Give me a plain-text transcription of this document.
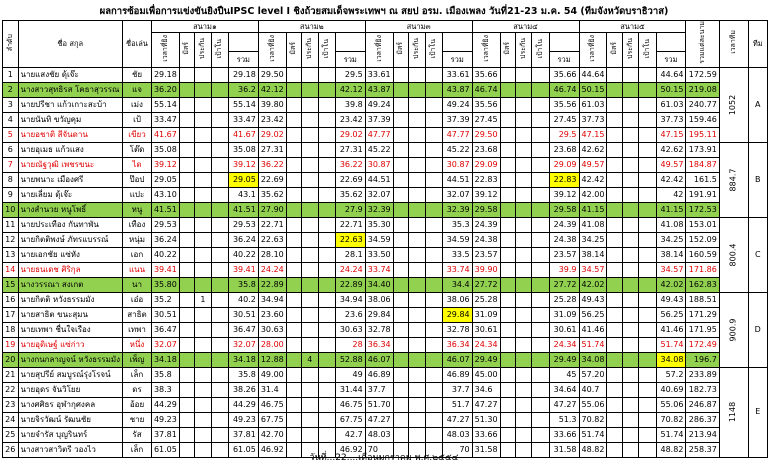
ผลการซ้อมเพื่อการแข่งขันยิงปืนIPSC level I ชิงถ้วยสมเด็จพระเทพฯ ณ สยป อรม. เมืองเพลง วันที่21-23 ม.ค. 54 (ทีมจังหวัดบราธิวาส)
ลำดับ	ชื่อ สกุล	ชื่อเล่น	สนาม๑					สนาม๒					สนาม๓					สนาม๔					สนาม๕					รวมแต่ละนาม	เวลาทีม	ทีม
			เวลาที่ยิง	มิสร์	ประกัน	เป้าโน		เวลาที่ยิง	มิสร์	ประกัน	เป้าโน		เวลาที่ยิง	มิสร์	ประกัน	เป้าโน		เวลาที่ยิง	มิสร์	ประกัน	เป้าโน		เวลาที่ยิง	มิสร์	ประกัน	เป้าโน				
							รวม					รวม					รวม					รวม					รวม			
1	นายแสงชัย ดุ้เจ๊ะ	ชัย	29.18				29.18	29.50				29.5	33.61				33.61	35.66				35.66	44.64				44.64	172.59	1052	A
2	นางสาวสุทธิรส โคธาสุวรรณ	แจ	36.20				36.2	42.12				42.12	43.87				43.87	46.74				46.74	50.15				50.15	219.08		
3	นายปรีชา แก้วเกาะสะบ้า	เม่ง	55.14				55.14	39.80				39.8	49.24				49.24	35.56				35.56	61.03				61.03	240.77		
4	นายนันทิ ขวัญคุม	เป้	33.47				33.47	23.42				23.42	37.39				37.39	27.45				27.45	37.73				37.73	159.46		
5	นายอชาติ สีจันดาน	เขียว	41.67				41.67	29.02				29.02	47.77				47.77	29.50				29.5	47.15				47.15	195.11		
6	นายอุเมธ แก้วแสง	โต๊ด	35.08				35.08	27.31				27.31	45.22				45.22	23.68				23.68	42.62				42.62	173.91	884.7	B
7	นายณัฐวุฒิ เพชรขนะ	ได	39.12				39.12	36.22				36.22	30.87				30.87	29.09				29.09	49.57				49.57	184.87		
8	นายพนาะ เมืองศรี	ป๊อป	29.05				29.05	22.69				22.69	44.51				44.51	22.83				22.83	42.42				42.42	161.5		
9	นายเลี่ยม ดุ้เจ๊ะ	แปะ	43.10				43.1	35.62				35.62	32.07				32.07	39.12				39.12	42.00				42	191.91		
10	นางสำนวย หนูโพธิ์	หนู	41.51				41.51	27.90				27.9	32.39				32.39	29.58				29.58	41.15				41.15	172.53		
11	นายประเทือง กันทาพัน	เทือง	29.53				29.53	22.71				22.71	35.30				35.3	24.39				24.39	41.08				41.08	153.01	800.4	C
12	นายกิตติพงษ์ ภัทรแบรรณ์	หนุ่ม	36.24				36.24	22.63				22.63	34.59				34.59	24.38				24.38	34.25				34.25	152.09		
13	นายเอกชัย แซ่หัง	เอก	40.22				40.22	28.10				28.1	33.50				33.5	23.57				23.57	38.14				38.14	160.59		
14	นายธนเดช ศิริกุล	แนน	39.41				39.41	24.24				24.24	33.74				33.74	39.90				39.9	34.57				34.57	171.86		
15	นางวรรณา สงเกต	นา	35.80				35.8	22.89				22.89	34.40				34.4	27.72				27.72	42.02				42.02	162.83		
16	นายกิตติ หวังธรรมมัง	เอ๋อ	35.2		1		40.2	34.94				34.94	38.06				38.06	25.28				25.28	49.43				49.43	188.51	900.9	D
17	นายสาธิต ขนะสุมน	สาธิต	30.51				30.51	23.60				23.6	29.84				29.84	31.09				31.09	56.25				56.25	171.29		
18	นายเทพา ชื่นใจเรือง	เทพา	36.47				36.47	30.63				30.63	32.78				32.78	30.61				30.61	41.46				41.46	171.95		
19	นายอุดิเษฐ์ แซ่ก่าว	หนึ่ง	32.07				32.07	28.00				28	36.34				36.34	24.34				24.34	51.74				51.74	172.49		
20	นางกนกลาญจน์ หวังธรรมมัง	เพ็ญ	34.18				34.18	12.88		4		52.88	46.07				46.07	29.49				29.49	34.08				34.08	196.7		
21	นายสุปรีย์ สมบูรณ์รุ่งโรจน์	เล็ก	35.8				35.8	49.00				49	46.89				46.89	45.00				45	57.20				57.2	233.89	1148	E
22	นายอุดร จันวิโยย	ดร	38.3				38.26	31.4				31.44	37.7				37.7	34.6				34.64	40.7				40.69	182.73		
23	นางศศิธร อุฬากุศงคล	อ้อย	44.29				44.29	46.75				46.75	51.70				51.7	47.27				47.27	55.06				55.06	246.87		
24	นายจิรวัฒน์ รัฒนชัย	ชาย	49.23				49.23	67.75				67.75	47.27				47.27	51.30				51.3	70.82				70.82	286.37		
25	นายจำรัส บุญรินทร์	รัส	37.81				37.81	42.70				42.7	48.03				48.03	33.66				33.66	51.74				51.74	213.94		
26	นางสาวสาวิตรี วองไว	เล็ก	61.05				61.05	46.92				46.92	70				70	31.58				31.58	48.82				48.82	258.37		
วันที่...22....เดือนมกราคม พ.ศ.๒๕๕๔
